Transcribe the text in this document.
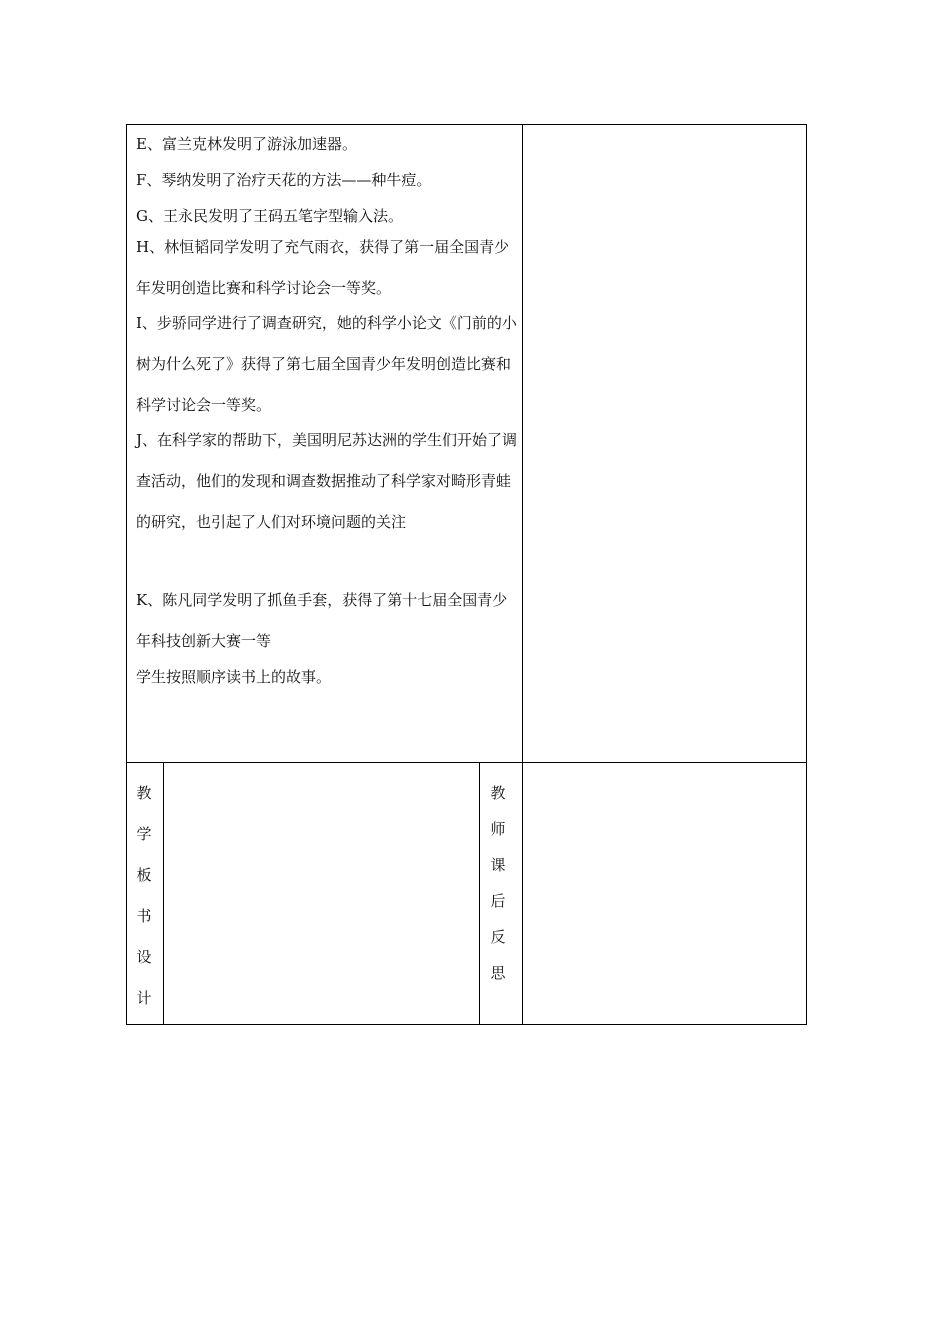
E、富兰克林发明了游泳加速器。
F、琴纳发明了治疗天花的方法——种牛痘。
G、王永民发明了王码五笔字型输入法。
H、林恒韬同学发明了充气雨衣，获得了第一届全国青少年发明创造比赛和科学讨论会一等奖。
I、步骄同学进行了调查研究，她的科学小论文《门前的小树为什么死了》获得了第七届全国青少年发明创造比赛和科学讨论会一等奖。
J、在科学家的帮助下，美国明尼苏达洲的学生们开始了调查活动，他们的发现和调查数据推动了科学家对畸形青蛙的研究，也引起了人们对环境问题的关注
K、陈凡同学发明了抓鱼手套，获得了第十七届全国青少年科技创新大赛一等
学生按照顺序读书上的故事。
教
学
板
书
设
计
教
师
课
后
反
思
